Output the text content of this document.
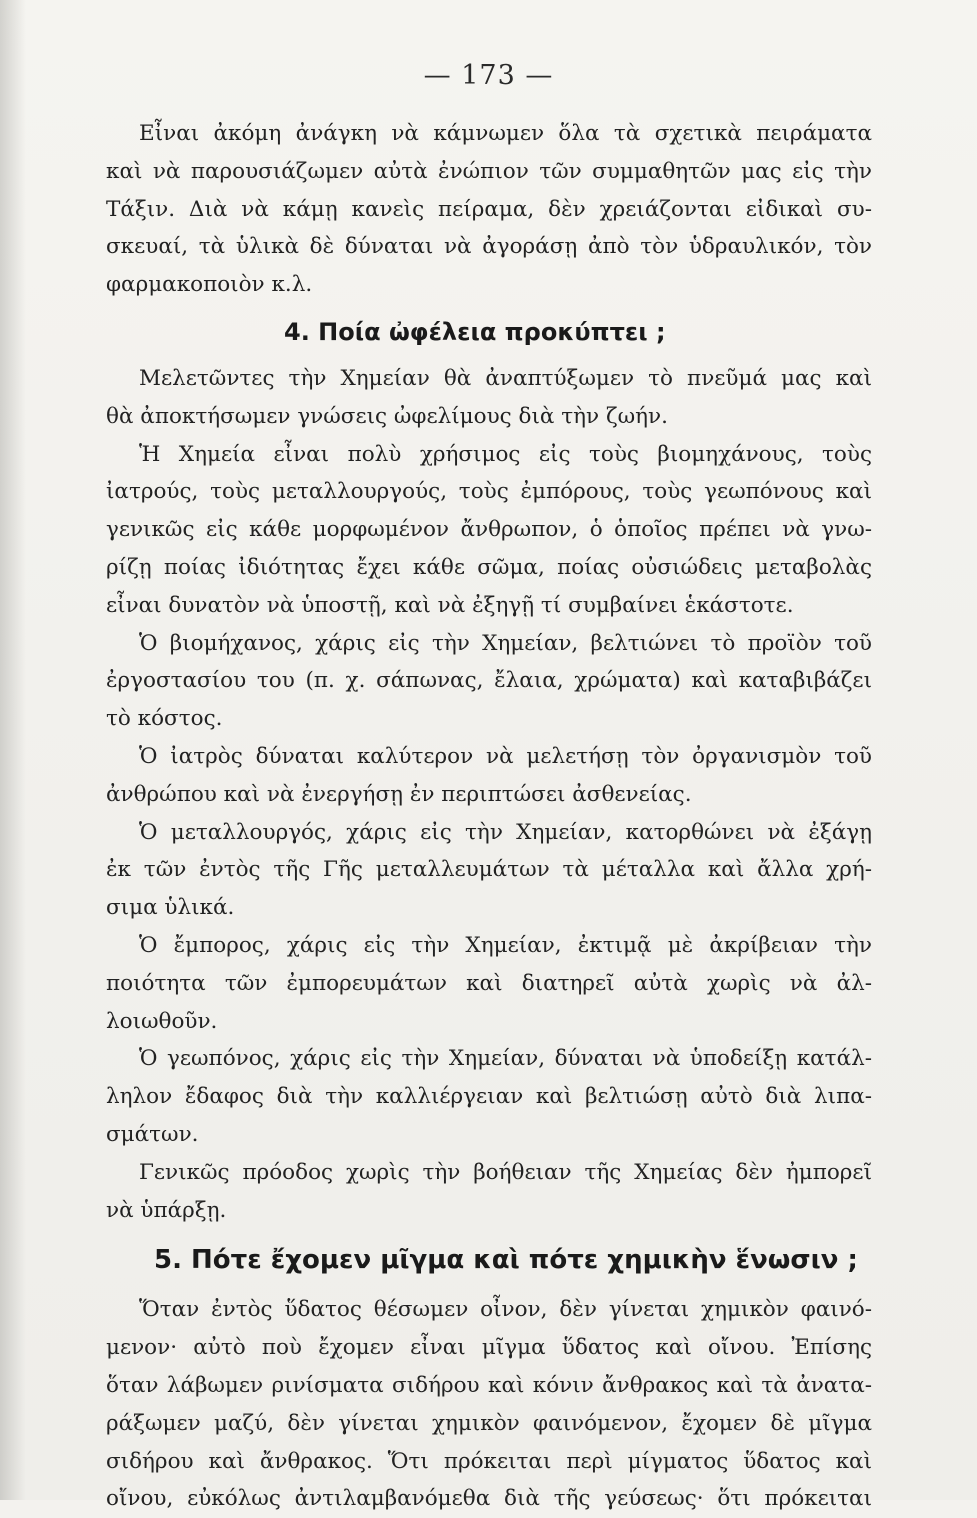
— 173 —
Εἶναι ἀκόμη ἀνάγκη νὰ κάμνωμεν ὅλα τὰ σχετικὰ πειράματα
καὶ νὰ παρουσιάζωμεν αὐτὰ ἐνώπιον τῶν συμμαθητῶν μας εἰς τὴν
Τάξιν. Διὰ νὰ κάμῃ κανεὶς πείραμα, δὲν χρειάζονται εἰδικαὶ συ-
σκευαί, τὰ ὑλικὰ δὲ δύναται νὰ ἀγοράσῃ ἀπὸ τὸν ὑδραυλικόν, τὸν
φαρμακοποιὸν κ.λ.
4. Ποία ὠφέλεια προκύπτει ;
Μελετῶντες τὴν Χημείαν θὰ ἀναπτύξωμεν τὸ πνεῦμά μας καὶ
θὰ ἀποκτήσωμεν γνώσεις ὠφελίμους διὰ τὴν ζωήν.
Ἡ Χημεία εἶναι πολὺ χρήσιμος εἰς τοὺς βιομηχάνους, τοὺς
ἰατρούς, τοὺς μεταλλουργούς, τοὺς ἐμπόρους, τοὺς γεωπόνους καὶ
γενικῶς εἰς κάθε μορφωμένον ἄνθρωπον, ὁ ὁποῖος πρέπει νὰ γνω-
ρίζῃ ποίας ἰδιότητας ἔχει κάθε σῶμα, ποίας οὐσιώδεις μεταβολὰς
εἶναι δυνατὸν νὰ ὑποστῇ, καὶ νὰ ἐξηγῇ τί συμβαίνει ἑκάστοτε.
Ὁ βιομήχανος, χάρις εἰς τὴν Χημείαν, βελτιώνει τὸ προϊὸν τοῦ
ἐργοστασίου του (π. χ. σάπωνας, ἔλαια, χρώματα) καὶ καταβιβάζει
τὸ κόστος.
Ὁ ἰατρὸς δύναται καλύτερον νὰ μελετήσῃ τὸν ὀργανισμὸν τοῦ
ἀνθρώπου καὶ νὰ ἐνεργήσῃ ἐν περιπτώσει ἀσθενείας.
Ὁ μεταλλουργός, χάρις εἰς τὴν Χημείαν, κατορθώνει νὰ ἐξάγῃ
ἐκ τῶν ἐντὸς τῆς Γῆς μεταλλευμάτων τὰ μέταλλα καὶ ἄλλα χρή-
σιμα ὑλικά.
Ὁ ἔμπορος, χάρις εἰς τὴν Χημείαν, ἐκτιμᾷ μὲ ἀκρίβειαν τὴν
ποιότητα τῶν ἐμπορευμάτων καὶ διατηρεῖ αὐτὰ χωρὶς νὰ ἀλ-
λοιωθοῦν.
Ὁ γεωπόνος, χάρις εἰς τὴν Χημείαν, δύναται νὰ ὑποδείξῃ κατάλ-
ληλον ἔδαφος διὰ τὴν καλλιέργειαν καὶ βελτιώσῃ αὐτὸ διὰ λιπα-
σμάτων.
Γενικῶς πρόοδος χωρὶς τὴν βοήθειαν τῆς Χημείας δὲν ἠμπορεῖ
νὰ ὑπάρξῃ.
5. Πότε ἔχομεν μῖγμα καὶ πότε χημικὴν ἕνωσιν ;
Ὅταν ἐντὸς ὕδατος θέσωμεν οἶνον, δὲν γίνεται χημικὸν φαινό-
μενον· αὐτὸ ποὺ ἔχομεν εἶναι μῖγμα ὕδατος καὶ οἴνου. Ἐπίσης
ὅταν λάβωμεν ρινίσματα σιδήρου καὶ κόνιν ἄνθρακος καὶ τὰ ἀνατα-
ράξωμεν μαζύ, δὲν γίνεται χημικὸν φαινόμενον, ἔχομεν δὲ μῖγμα
σιδήρου καὶ ἄνθρακος. Ὅτι πρόκειται περὶ μίγματος ὕδατος καὶ
οἴνου, εὐκόλως ἀντιλαμβανόμεθα διὰ τῆς γεύσεως· ὅτι πρόκειται
